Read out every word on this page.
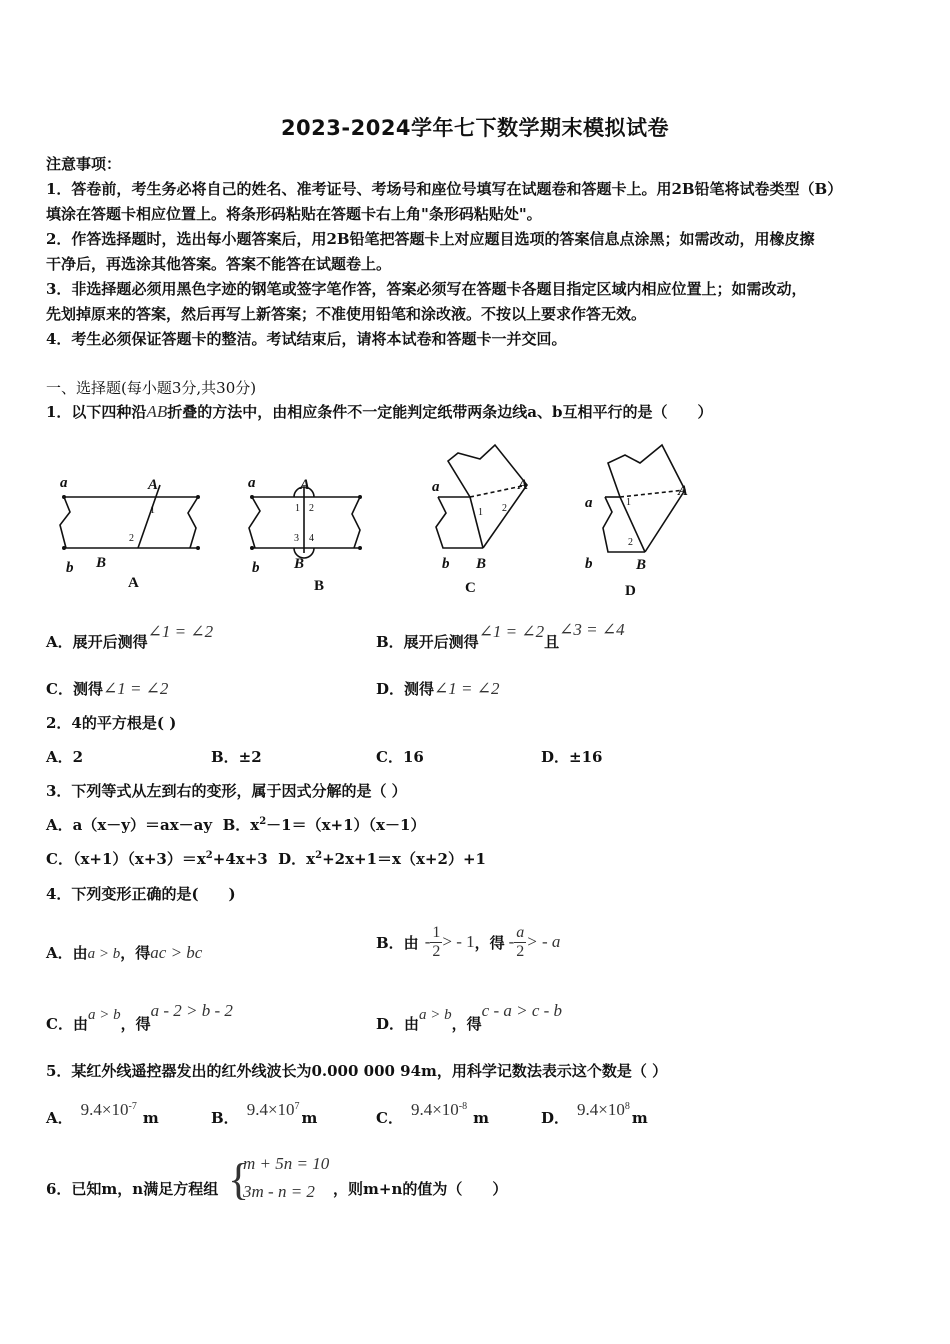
2023-2024学年七下数学期末模拟试卷
注意事项：
1．答卷前，考生务必将自己的姓名、准考证号、考场号和座位号填写在试题卷和答题卡上。用2B铅笔将试卷类型（B）
填涂在答题卡相应位置上。将条形码粘贴在答题卡右上角"条形码粘贴处"。
2．作答选择题时，选出每小题答案后，用2B铅笔把答题卡上对应题目选项的答案信息点涂黑；如需改动，用橡皮擦
干净后，再选涂其他答案。答案不能答在试题卷上。
3．非选择题必须用黑色字迹的钢笔或签字笔作答，答案必须写在答题卡各题目指定区域内相应位置上；如需改动，
先划掉原来的答案，然后再写上新答案；不准使用铅笔和涂改液。不按以上要求作答无效。
4．考生必须保证答题卡的整洁。考试结束后，请将本试卷和答题卡一并交回。
一、选择题(每小题3分,共30分)
1．以下四种沿AB折叠的方法中，由相应条件不一定能判定纸带两条边线a、b互相平行的是（　　）
a	A
b B
a	A
b B
a	A
b B
a
A
b	B
1
2
1 2
3 4
1 2
1
2
A	B	C	D
A．展开后测得∠1 = ∠2
B．展开后测得∠1 = ∠2且∠3 = ∠4
C．测得∠1 = ∠2	D．测得∠1 = ∠2
2．4的平方根是( )
A．2	B．±2	C．16	D．±16
3．下列等式从左到右的变形，属于因式分解的是（ ）
A．a（x－y）＝ax－ay B．$x^2-1=(x+1)(x-1)$
C．$(x+1)(x+3)=x^2+4x+3$ D．$x^2+2x+1=x(x+2)+1$
4．下列变形正确的是(　　)
A．由a > b，得ac > bc
B．由 - $\frac{1}{2}$ > - 1 ，得 - $\frac{a}{2}$ > - a
C．由a > b，得a - 2 > b - 2
D．由a > b，得c - a > c - b
5．某红外线遥控器发出的红外线波长为0.000 000 94m，用科学记数法表示这个数是（ ）
A． $9.4\times 10^{-7}m$	B． $9.4\times 10^7m$	C． $9.4\times 10^{-8}m$	D． $9.4\times 10^8m$
6．已知m，n满足方程组 {
m + 5n = 10
3m - n = 2 ，则m+n的值为（　　）
